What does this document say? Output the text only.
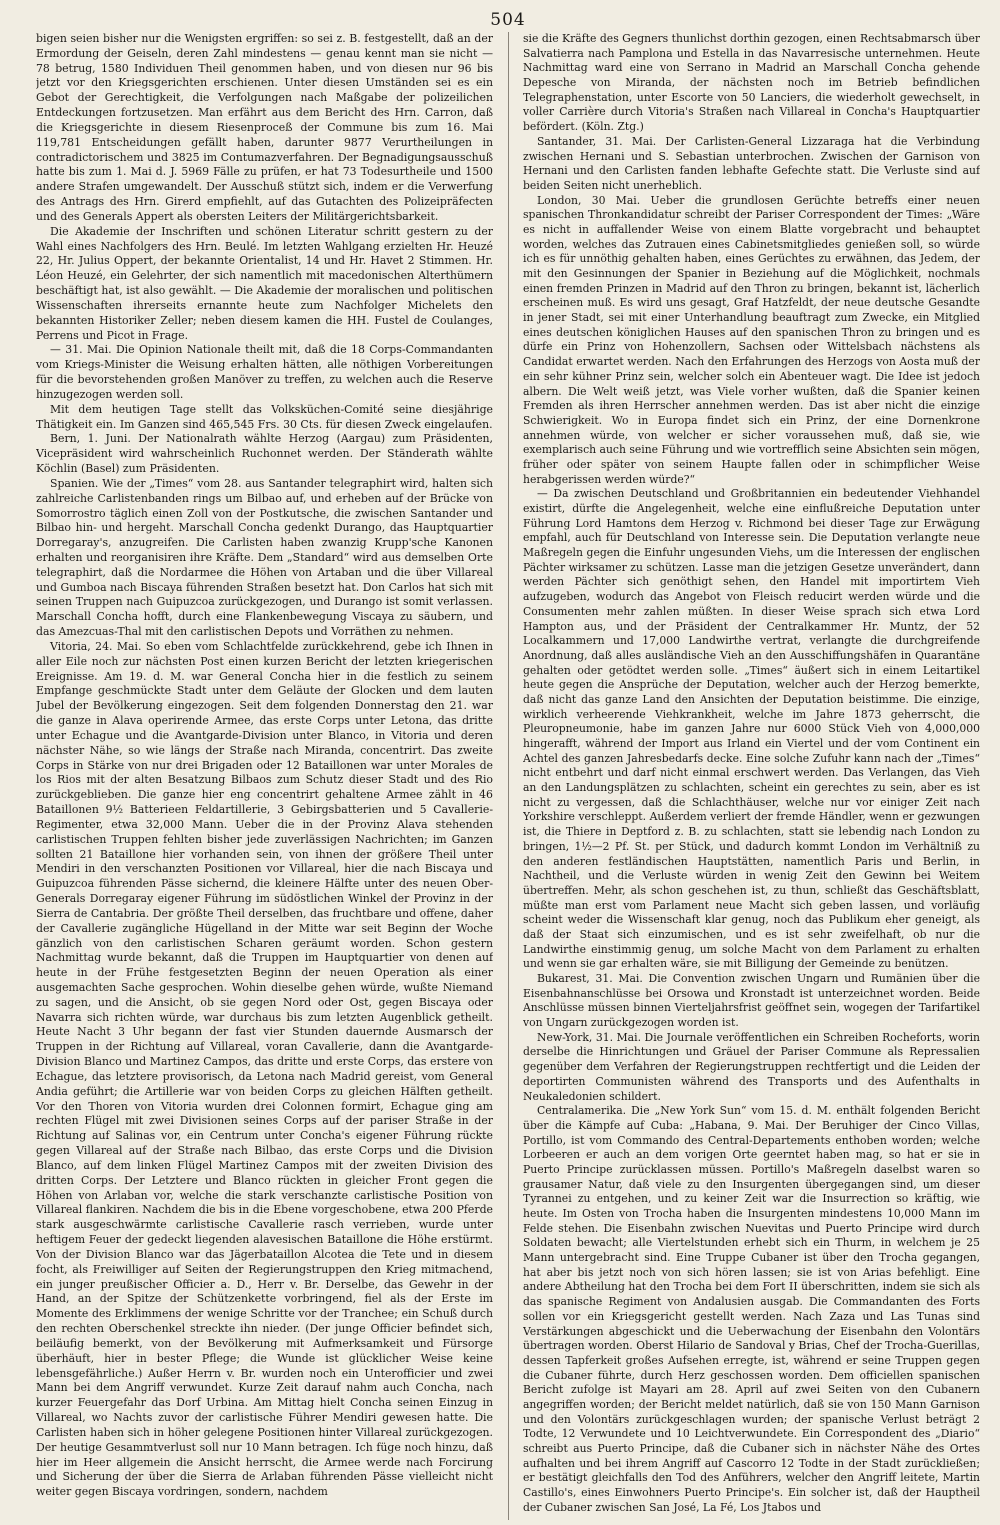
504

bigen seien bisher nur die Wenigsten ergriffen: so sei z. B. festgestellt, daß an der Ermordung der Geiseln, deren Zahl mindestens — genau kennt man sie nicht — 78 betrug, 1580 Individuen Theil genommen haben, und von diesen nur 96 bis jetzt vor den Kriegsgerichten erschienen. Unter diesen Umständen sei es ein Gebot der Gerechtigkeit, die Verfolgungen nach Maßgabe der polizeilichen Entdeckungen fortzusetzen. Man erfährt aus dem Bericht des Hrn. Carron, daß die Kriegsgerichte in diesem Riesenproceß der Commune bis zum 16. Mai 119,781 Entscheidungen gefällt haben, darunter 9877 Verurtheilungen in contradictorischem und 3825 im Contumazverfahren. Der Begnadigungsausschuß hatte bis zum 1. Mai d. J. 5969 Fälle zu prüfen, er hat 73 Todesurtheile und 1500 andere Strafen umgewandelt. Der Ausschuß stützt sich, indem er die Verwerfung des Antrags des Hrn. Girerd empfiehlt, auf das Gutachten des Polizeipräfecten und des Generals Appert als obersten Leiters der Militärgerichtsbarkeit.

Die Akademie der Inschriften und schönen Literatur schritt gestern zu der Wahl eines Nachfolgers des Hrn. Beulé. Im letzten Wahlgang erzielten Hr. Heuzé 22, Hr. Julius Oppert, der bekannte Orientalist, 14 und Hr. Havet 2 Stimmen. Hr. Léon Heuzé, ein Gelehrter, der sich namentlich mit macedonischen Alterthümern beschäftigt hat, ist also gewählt. — Die Akademie der moralischen und politischen Wissenschaften ihrerseits ernannte heute zum Nachfolger Michelets den bekannten Historiker Zeller; neben diesem kamen die HH. Fustel de Coulanges, Perrens und Picot in Frage.

— 31. Mai. Die Opinion Nationale theilt mit, daß die 18 Corps-Commandanten vom Kriegs-Minister die Weisung erhalten hätten, alle nöthigen Vorbereitungen für die bevorstehenden großen Manöver zu treffen, zu welchen auch die Reserve hinzugezogen werden soll.

Mit dem heutigen Tage stellt das Volksküchen-Comité seine diesjährige Thätigkeit ein. Im Ganzen sind 465,545 Frs. 30 Cts. für diesen Zweck eingelaufen.

Bern, 1. Juni. Der Nationalrath wählte Herzog (Aargau) zum Präsidenten, Vicepräsident wird wahrscheinlich Ruchonnet werden. Der Ständerath wählte Köchlin (Basel) zum Präsidenten.

Spanien. Wie der „Times“ vom 28. aus Santander telegraphirt wird, halten sich zahlreiche Carlistenbanden rings um Bilbao auf, und erheben auf der Brücke von Somorrostro täglich einen Zoll von der Postkutsche, die zwischen Santander und Bilbao hin- und hergeht. Marschall Concha gedenkt Durango, das Hauptquartier Dorregaray's, anzugreifen. Die Carlisten haben zwanzig Krupp'sche Kanonen erhalten und reorganisiren ihre Kräfte. Dem „Standard“ wird aus demselben Orte telegraphirt, daß die Nordarmee die Höhen von Artaban und die über Villareal und Gumboa nach Biscaya führenden Straßen besetzt hat. Don Carlos hat sich mit seinen Truppen nach Guipuzcoa zurückgezogen, und Durango ist somit verlassen. Marschall Concha hofft, durch eine Flankenbewegung Viscaya zu säubern, und das Amezcuas-Thal mit den carlistischen Depots und Vorräthen zu nehmen.

Vitoria, 24. Mai. So eben vom Schlachtfelde zurückkehrend, gebe ich Ihnen in aller Eile noch zur nächsten Post einen kurzen Bericht der letzten kriegerischen Ereignisse. Am 19. d. M. war General Concha hier in die festlich zu seinem Empfange geschmückte Stadt unter dem Geläute der Glocken und dem lauten Jubel der Bevölkerung eingezogen. Seit dem folgenden Donnerstag den 21. war die ganze in Alava operirende Armee, das erste Corps unter Letona, das dritte unter Echague und die Avantgarde-Division unter Blanco, in Vitoria und deren nächster Nähe, so wie längs der Straße nach Miranda, concentrirt. Das zweite Corps in Stärke von nur drei Brigaden oder 12 Bataillonen war unter Morales de los Rios mit der alten Besatzung Bilbaos zum Schutz dieser Stadt und des Rio zurückgeblieben. Die ganze hier eng concentrirt gehaltene Armee zählt in 46 Bataillonen 9½ Batterieen Feldartillerie, 3 Gebirgsbatterien und 5 Cavallerie-Regimenter, etwa 32,000 Mann. Ueber die in der Provinz Alava stehenden carlistischen Truppen fehlten bisher jede zuverlässigen Nachrichten; im Ganzen sollten 21 Bataillone hier vorhanden sein, von ihnen der größere Theil unter Mendiri in den verschanzten Positionen vor Villareal, hier die nach Biscaya und Guipuzcoa führenden Pässe sichernd, die kleinere Hälfte unter des neuen Ober-Generals Dorregaray eigener Führung im südöstlichen Winkel der Provinz in der Sierra de Cantabria. Der größte Theil derselben, das fruchtbare und offene, daher der Cavallerie zugängliche Hügelland in der Mitte war seit Beginn der Woche gänzlich von den carlistischen Scharen geräumt worden. Schon gestern Nachmittag wurde bekannt, daß die Truppen im Hauptquartier von denen auf heute in der Frühe festgesetzten Beginn der neuen Operation als einer ausgemachten Sache gesprochen. Wohin dieselbe gehen würde, wußte Niemand zu sagen, und die Ansicht, ob sie gegen Nord oder Ost, gegen Biscaya oder Navarra sich richten würde, war durchaus bis zum letzten Augenblick getheilt. Heute Nacht 3 Uhr begann der fast vier Stunden dauernde Ausmarsch der Truppen in der Richtung auf Villareal, voran Cavallerie, dann die Avantgarde-Division Blanco und Martinez Campos, das dritte und erste Corps, das erstere von Echague, das letztere provisorisch, da Letona nach Madrid gereist, vom General Andia geführt; die Artillerie war von beiden Corps zu gleichen Hälften getheilt. Vor den Thoren von Vitoria wurden drei Colonnen formirt, Echague ging am rechten Flügel mit zwei Divisionen seines Corps auf der pariser Straße in der Richtung auf Salinas vor, ein Centrum unter Concha's eigener Führung rückte gegen Villareal auf der Straße nach Bilbao, das erste Corps und die Division Blanco, auf dem linken Flügel Martinez Campos mit der zweiten Division des dritten Corps. Der Letztere und Blanco rückten in gleicher Front gegen die Höhen von Arlaban vor, welche die stark verschanzte carlistische Position von Villareal flankiren. Nachdem die bis in die Ebene vorgeschobene, etwa 200 Pferde stark ausgeschwärmte carlistische Cavallerie rasch verrieben, wurde unter heftigem Feuer der gedeckt liegenden alavesischen Bataillone die Höhe erstürmt. Von der Division Blanco war das Jägerbataillon Alcotea die Tete und in diesem focht, als Freiwilliger auf Seiten der Regierungstruppen den Krieg mitmachend, ein junger preußischer Officier a. D., Herr v. Br. Derselbe, das Gewehr in der Hand, an der Spitze der Schützenkette vorbringend, fiel als der Erste im Momente des Erklimmens der wenige Schritte vor der Tranchee; ein Schuß durch den rechten Oberschenkel streckte ihn nieder. (Der junge Officier befindet sich, beiläufig bemerkt, von der Bevölkerung mit Aufmerksamkeit und Fürsorge überhäuft, hier in bester Pflege; die Wunde ist glücklicher Weise keine lebensgefährliche.) Außer Herrn v. Br. wurden noch ein Unterofficier und zwei Mann bei dem Angriff verwundet. Kurze Zeit darauf nahm auch Concha, nach kurzer Feuergefahr das Dorf Urbina. Am Mittag hielt Concha seinen Einzug in Villareal, wo Nachts zuvor der carlistische Führer Mendiri gewesen hatte. Die Carlisten haben sich in höher gelegene Positionen hinter Villareal zurückgezogen. Der heutige Gesammtverlust soll nur 10 Mann betragen. Ich füge noch hinzu, daß hier im Heer allgemein die Ansicht herrscht, die Armee werde nach Forcirung und Sicherung der über die Sierra de Arlaban führenden Pässe vielleicht nicht weiter gegen Biscaya vordringen, sondern, nachdem

sie die Kräfte des Gegners thunlichst dorthin gezogen, einen Rechtsabmarsch über Salvatierra nach Pamplona und Estella in das Navarresische unternehmen. Heute Nachmittag ward eine von Serrano in Madrid an Marschall Concha gehende Depesche von Miranda, der nächsten noch im Betrieb befindlichen Telegraphenstation, unter Escorte von 50 Lanciers, die wiederholt gewechselt, in voller Carrière durch Vitoria's Straßen nach Villareal in Concha's Hauptquartier befördert. (Köln. Ztg.)

Santander, 31. Mai. Der Carlisten-General Lizzaraga hat die Verbindung zwischen Hernani und S. Sebastian unterbrochen. Zwischen der Garnison von Hernani und den Carlisten fanden lebhafte Gefechte statt. Die Verluste sind auf beiden Seiten nicht unerheblich.

London, 30 Mai. Ueber die grundlosen Gerüchte betreffs einer neuen spanischen Thronkandidatur schreibt der Pariser Correspondent der Times: „Wäre es nicht in auffallender Weise von einem Blatte vorgebracht und behauptet worden, welches das Zutrauen eines Cabinetsmitgliedes genießen soll, so würde ich es für unnöthig gehalten haben, eines Gerüchtes zu erwähnen, das Jedem, der mit den Gesinnungen der Spanier in Beziehung auf die Möglichkeit, nochmals einen fremden Prinzen in Madrid auf den Thron zu bringen, bekannt ist, lächerlich erscheinen muß. Es wird uns gesagt, Graf Hatzfeldt, der neue deutsche Gesandte in jener Stadt, sei mit einer Unterhandlung beauftragt zum Zwecke, ein Mitglied eines deutschen königlichen Hauses auf den spanischen Thron zu bringen und es dürfe ein Prinz von Hohenzollern, Sachsen oder Wittelsbach nächstens als Candidat erwartet werden. Nach den Erfahrungen des Herzogs von Aosta muß der ein sehr kühner Prinz sein, welcher solch ein Abenteuer wagt. Die Idee ist jedoch albern. Die Welt weiß jetzt, was Viele vorher wußten, daß die Spanier keinen Fremden als ihren Herrscher annehmen werden. Das ist aber nicht die einzige Schwierigkeit. Wo in Europa findet sich ein Prinz, der eine Dornenkrone annehmen würde, von welcher er sicher voraussehen muß, daß sie, wie exemplarisch auch seine Führung und wie vortrefflich seine Absichten sein mögen, früher oder später von seinem Haupte fallen oder in schimpflicher Weise herabgerissen werden würde?“

— Da zwischen Deutschland und Großbritannien ein bedeutender Viehhandel existirt, dürfte die Angelegenheit, welche eine einflußreiche Deputation unter Führung Lord Hamtons dem Herzog v. Richmond bei dieser Tage zur Erwägung empfahl, auch für Deutschland von Interesse sein. Die Deputation verlangte neue Maßregeln gegen die Einfuhr ungesunden Viehs, um die Interessen der englischen Pächter wirksamer zu schützen. Lasse man die jetzigen Gesetze unverändert, dann werden Pächter sich genöthigt sehen, den Handel mit importirtem Vieh aufzugeben, wodurch das Angebot von Fleisch reducirt werden würde und die Consumenten mehr zahlen müßten. In dieser Weise sprach sich etwa Lord Hampton aus, und der Präsident der Centralkammer Hr. Muntz, der 52 Localkammern und 17,000 Landwirthe vertrat, verlangte die durchgreifende Anordnung, daß alles ausländische Vieh an den Ausschiffungshäfen in Quarantäne gehalten oder getödtet werden solle. „Times“ äußert sich in einem Leitartikel heute gegen die Ansprüche der Deputation, welcher auch der Herzog bemerkte, daß nicht das ganze Land den Ansichten der Deputation beistimme. Die einzige, wirklich verheerende Viehkrankheit, welche im Jahre 1873 geherrscht, die Pleuropneumonie, habe im ganzen Jahre nur 6000 Stück Vieh von 4,000,000 hingerafft, während der Import aus Irland ein Viertel und der vom Continent ein Achtel des ganzen Jahresbedarfs decke. Eine solche Zufuhr kann nach der „Times“ nicht entbehrt und darf nicht einmal erschwert werden. Das Verlangen, das Vieh an den Landungsplätzen zu schlachten, scheint ein gerechtes zu sein, aber es ist nicht zu vergessen, daß die Schlachthäuser, welche nur vor einiger Zeit nach Yorkshire verschleppt. Außerdem verliert der fremde Händler, wenn er gezwungen ist, die Thiere in Deptford z. B. zu schlachten, statt sie lebendig nach London zu bringen, 1½—2 Pf. St. per Stück, und dadurch kommt London im Verhältniß zu den anderen festländischen Hauptstätten, namentlich Paris und Berlin, in Nachtheil, und die Verluste würden in wenig Zeit den Gewinn bei Weitem übertreffen. Mehr, als schon geschehen ist, zu thun, schließt das Geschäftsblatt, müßte man erst vom Parlament neue Macht sich geben lassen, und vorläufig scheint weder die Wissenschaft klar genug, noch das Publikum eher geneigt, als daß der Staat sich einzumischen, und es ist sehr zweifelhaft, ob nur die Landwirthe einstimmig genug, um solche Macht von dem Parlament zu erhalten und wenn sie gar erhalten wäre, sie mit Billigung der Gemeinde zu benützen.

Bukarest, 31. Mai. Die Convention zwischen Ungarn und Rumänien über die Eisenbahnanschlüsse bei Orsowa und Kronstadt ist unterzeichnet worden. Beide Anschlüsse müssen binnen Vierteljahrsfrist geöffnet sein, wogegen der Tarifartikel von Ungarn zurückgezogen worden ist.

New-York, 31. Mai. Die Journale veröffentlichen ein Schreiben Rocheforts, worin derselbe die Hinrichtungen und Gräuel der Pariser Commune als Repressalien gegenüber dem Verfahren der Regierungstruppen rechtfertigt und die Leiden der deportirten Communisten während des Transports und des Aufenthalts in Neukaledonien schildert.

Centralamerika. Die „New York Sun“ vom 15. d. M. enthält folgenden Bericht über die Kämpfe auf Cuba: „Habana, 9. Mai. Der Beruhiger der Cinco Villas, Portillo, ist vom Commando des Central-Departements enthoben worden; welche Lorbeeren er auch an dem vorigen Orte geerntet haben mag, so hat er sie in Puerto Principe zurücklassen müssen. Portillo's Maßregeln daselbst waren so grausamer Natur, daß viele zu den Insurgenten übergegangen sind, um dieser Tyrannei zu entgehen, und zu keiner Zeit war die Insurrection so kräftig, wie heute. Im Osten von Trocha haben die Insurgenten mindestens 10,000 Mann im Felde stehen. Die Eisenbahn zwischen Nuevitas und Puerto Principe wird durch Soldaten bewacht; alle Viertelstunden erhebt sich ein Thurm, in welchem je 25 Mann untergebracht sind. Eine Truppe Cubaner ist über den Trocha gegangen, hat aber bis jetzt noch von sich hören lassen; sie ist von Arias befehligt. Eine andere Abtheilung hat den Trocha bei dem Fort II überschritten, indem sie sich als das spanische Regiment von Andalusien ausgab. Die Commandanten des Forts sollen vor ein Kriegsgericht gestellt werden. Nach Zaza und Las Tunas sind Verstärkungen abgeschickt und die Ueberwachung der Eisenbahn den Volontärs übertragen worden. Oberst Hilario de Sandoval y Brias, Chef der Trocha-Guerillas, dessen Tapferkeit großes Aufsehen erregte, ist, während er seine Truppen gegen die Cubaner führte, durch Herz geschossen worden. Dem officiellen spanischen Bericht zufolge ist Mayari am 28. April auf zwei Seiten von den Cubanern angegriffen worden; der Bericht meldet natürlich, daß sie von 150 Mann Garnison und den Volontärs zurückgeschlagen wurden; der spanische Verlust beträgt 2 Todte, 12 Verwundete und 10 Leichtverwundete. Ein Correspondent des „Diario“ schreibt aus Puerto Principe, daß die Cubaner sich in nächster Nähe des Ortes aufhalten und bei ihrem Angriff auf Cascorro 12 Todte in der Stadt zurückließen; er bestätigt gleichfalls den Tod des Anführers, welcher den Angriff leitete, Martin Castillo's, eines Einwohners Puerto Principe's. Ein solcher ist, daß der Hauptheil der Cubaner zwischen San José, La Fé, Los Jtabos und
